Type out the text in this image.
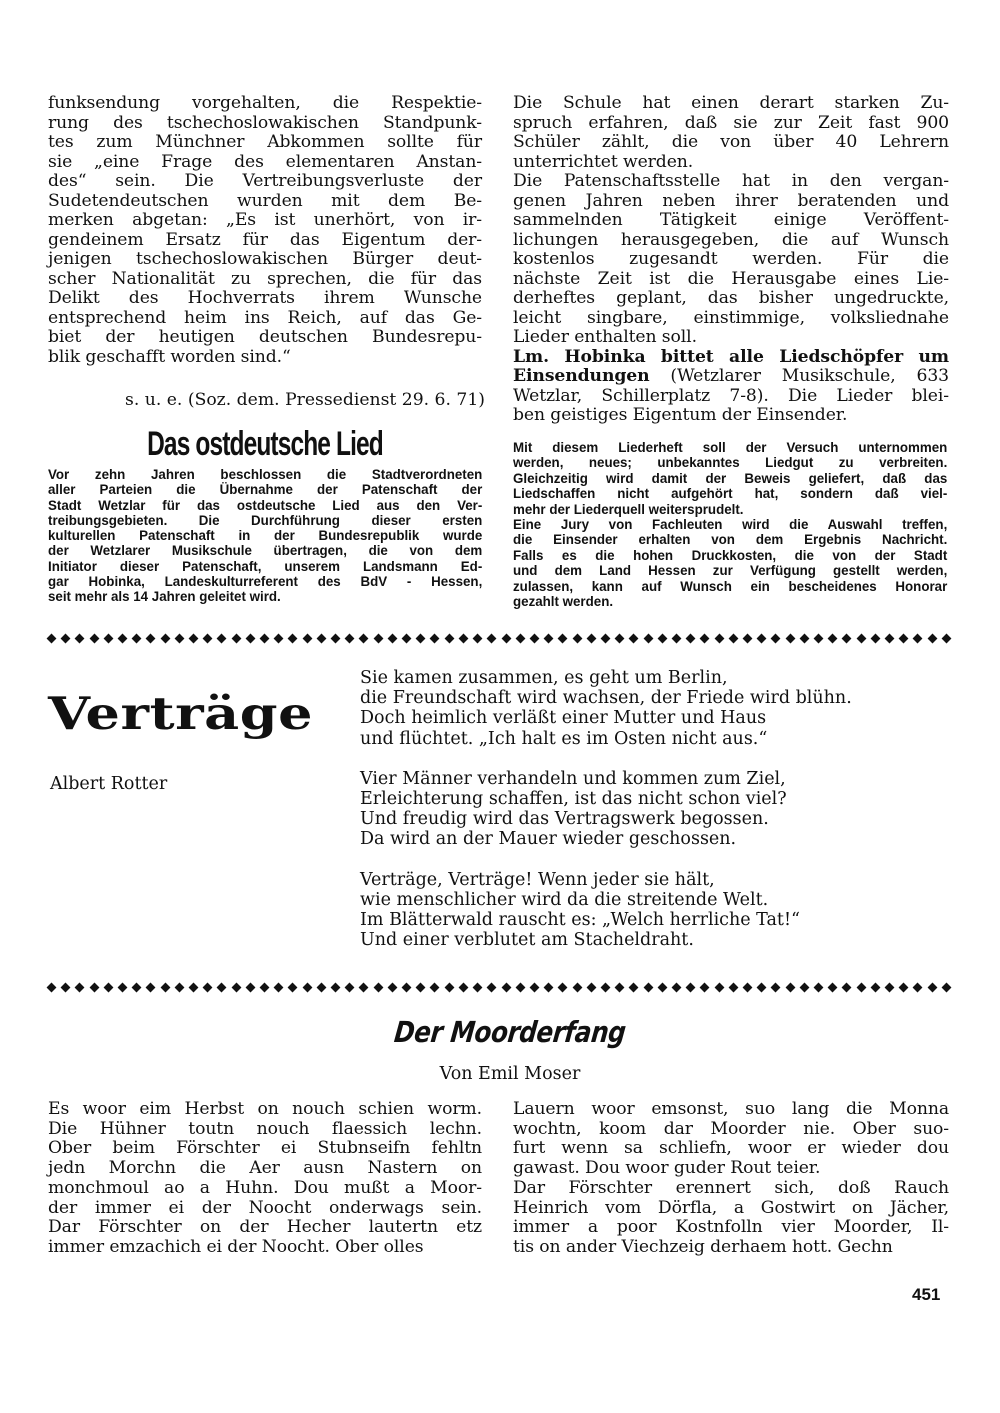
funksendung vorgehalten, die Respektie-
rung des tschechoslowakischen Standpunk-
tes zum Münchner Abkommen sollte für
sie „eine Frage des elementaren Anstan-
des“ sein. Die Vertreibungsverluste der
Sudetendeutschen wurden mit dem Be-
merken abgetan: „Es ist unerhört, von ir-
gendeinem Ersatz für das Eigentum der-
jenigen tschechoslowakischen Bürger deut-
scher Nationalität zu sprechen, die für das
Delikt des Hochverrats ihrem Wunsche
entsprechend heim ins Reich, auf das Ge-
biet der heutigen deutschen Bundesrepu-
blik geschafft worden sind.“
s. u. e. (Soz. dem. Pressedienst 29. 6. 71)
Das ostdeutsche Lied
Vor zehn Jahren beschlossen die Stadtverordneten
aller Parteien die Übernahme der Patenschaft der
Stadt Wetzlar für das ostdeutsche Lied aus den Ver-
treibungsgebieten. Die Durchführung dieser ersten
kulturellen Patenschaft in der Bundesrepublik wurde
der Wetzlarer Musikschule übertragen, die von dem
Initiator dieser Patenschaft, unserem Landsmann Ed-
gar Hobinka, Landeskulturreferent des BdV - Hessen,
seit mehr als 14 Jahren geleitet wird.
Die Schule hat einen derart starken Zu-
spruch erfahren, daß sie zur Zeit fast 900
Schüler zählt, die von über 40 Lehrern
unterrichtet werden.
Die Patenschaftsstelle hat in den vergan-
genen Jahren neben ihrer beratenden und
sammelnden Tätigkeit einige Veröffent-
lichungen herausgegeben, die auf Wunsch
kostenlos zugesandt werden. Für die
nächste Zeit ist die Herausgabe eines Lie-
derheftes geplant, das bisher ungedruckte,
leicht singbare, einstimmige, volksliednahe
Lieder enthalten soll.
Lm. Hobinka bittet alle Liedschöpfer um
Einsendungen (Wetzlarer Musikschule, 633
Wetzlar, Schillerplatz 7-8). Die Lieder blei-
ben geistiges Eigentum der Einsender.
Mit diesem Liederheft soll der Versuch unternommen
werden, neues; unbekanntes Liedgut zu verbreiten.
Gleichzeitig wird damit der Beweis geliefert, daß das
Liedschaffen nicht aufgehört hat, sondern daß viel-
mehr der Liederquell weitersprudelt.
Eine Jury von Fachleuten wird die Auswahl treffen,
die Einsender erhalten von dem Ergebnis Nachricht.
Falls es die hohen Druckkosten, die von der Stadt
und dem Land Hessen zur Verfügung gestellt werden,
zulassen, kann auf Wunsch ein bescheidenes Honorar
gezahlt werden.
Verträge
Albert Rotter
Sie kamen zusammen, es geht um Berlin,
die Freundschaft wird wachsen, der Friede wird blühn.
Doch heimlich verläßt einer Mutter und Haus
und flüchtet. „Ich halt es im Osten nicht aus.“
Vier Männer verhandeln und kommen zum Ziel,
Erleichterung schaffen, ist das nicht schon viel?
Und freudig wird das Vertragswerk begossen.
Da wird an der Mauer wieder geschossen.
Verträge, Verträge! Wenn jeder sie hält,
wie menschlicher wird da die streitende Welt.
Im Blätterwald rauscht es: „Welch herrliche Tat!“
Und einer verblutet am Stacheldraht.
Der Moorderfang
Von Emil Moser
Es woor eim Herbst on nouch schien worm.
Die Hühner toutn nouch flaessich lechn.
Ober beim Förschter ei Stubnseifn fehltn
jedn Morchn die Aer ausn Nastern on
monchmoul ao a Huhn. Dou mußt a Moor-
der immer ei der Noocht onderwags sein.
Dar Förschter on der Hecher lautertn etz
immer emzachich ei der Noocht. Ober olles
Lauern woor emsonst, suo lang die Monna
wochtn, koom dar Moorder nie. Ober suo-
furt wenn sa schliefn, woor er wieder dou
gawast. Dou woor guder Rout teier.
Dar Förschter erennert sich, doß Rauch
Heinrich vom Dörfla, a Gostwirt on Jächer,
immer a poor Kostnfolln vier Moorder, Il-
tis on ander Viechzeig derhaem hott. Gechn
451
